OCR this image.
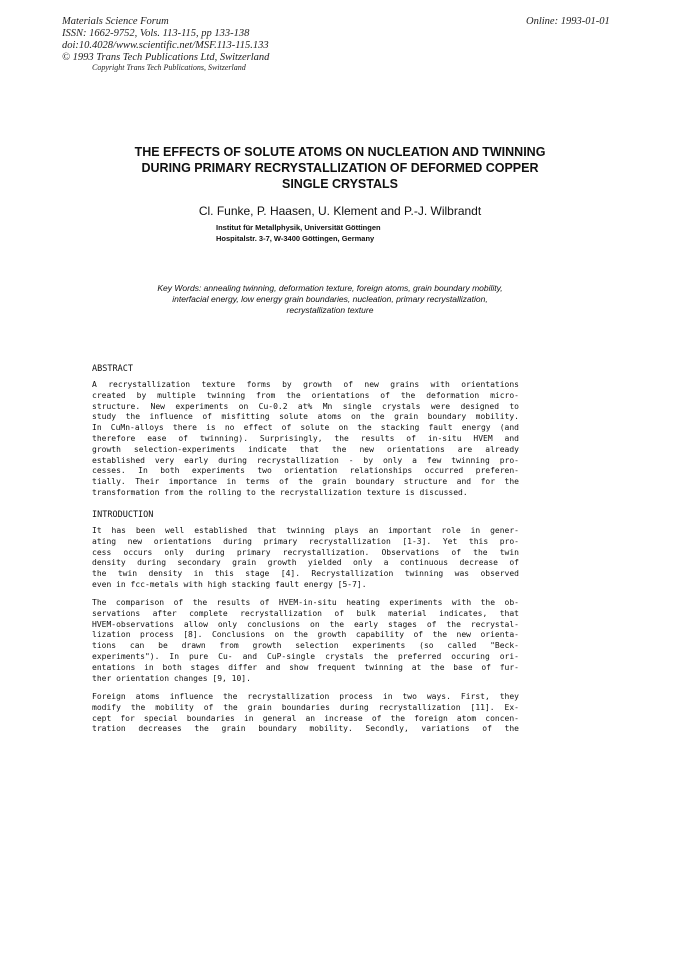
Materials Science Forum
ISSN: 1662-9752, Vols. 113-115, pp 133-138
doi:10.4028/www.scientific.net/MSF.113-115.133
© 1993 Trans Tech Publications Ltd, Switzerland
Copyright Trans Tech Publications, Switzerland
Online: 1993-01-01
THE EFFECTS OF SOLUTE ATOMS ON NUCLEATION AND TWINNING
DURING PRIMARY RECRYSTALLIZATION OF DEFORMED COPPER
SINGLE CRYSTALS
Cl. Funke, P. Haasen, U. Klement and P.-J. Wilbrandt
Institut für Metallphysik, Universität Göttingen
Hospitalstr. 3-7, W-3400 Göttingen, Germany
Key Words: annealing twinning, deformation texture, foreign atoms, grain boundary mobility,
interfacial energy, low energy grain boundaries, nucleation, primary recrystallization,
recrystallization texture
ABSTRACT
A recrystallization texture forms by growth of new grains with orientations
created by multiple twinning from the orientations of the deformation micro-
structure. New experiments on Cu-0.2 at% Mn single crystals were designed to
study the influence of misfitting solute atoms on the grain boundary mobility.
In CuMn-alloys there is no effect of solute on the stacking fault energy (and
therefore ease of twinning). Surprisingly, the results of in-situ HVEM and
growth selection-experiments indicate that the new orientations are already
established very early during recrystallization - by only a few twinning pro-
cesses. In both experiments two orientation relationships occurred preferen-
tially. Their importance in terms of the grain boundary structure and for the
transformation from the rolling to the recrystallization texture is discussed.
INTRODUCTION
It has been well established that twinning plays an important role in gener-
ating new orientations during primary recrystallization [1-3]. Yet this pro-
cess occurs only during primary recrystallization. Observations of the twin
density during secondary grain growth yielded only a continuous decrease of
the twin density in this stage [4]. Recrystallization twinning was observed
even in fcc-metals with high stacking fault energy [5-7].
The comparison of the results of HVEM-in-situ heating experiments with the ob-
servations after complete recrystallization of bulk material indicates, that
HVEM-observations allow only conclusions on the early stages of the recrystal-
lization process [8]. Conclusions on the growth capability of the new orienta-
tions can be drawn from growth selection experiments (so called "Beck-
experiments"). In pure Cu- and CuP-single crystals the preferred occuring ori-
entations in both stages differ and show frequent twinning at the base of fur-
ther orientation changes [9, 10].
Foreign atoms influence the recrystallization process in two ways. First, they
modify the mobility of the grain boundaries during recrystallization [11]. Ex-
cept for special boundaries in general an increase of the foreign atom concen-
tration decreases the grain boundary mobility. Secondly, variations of the
